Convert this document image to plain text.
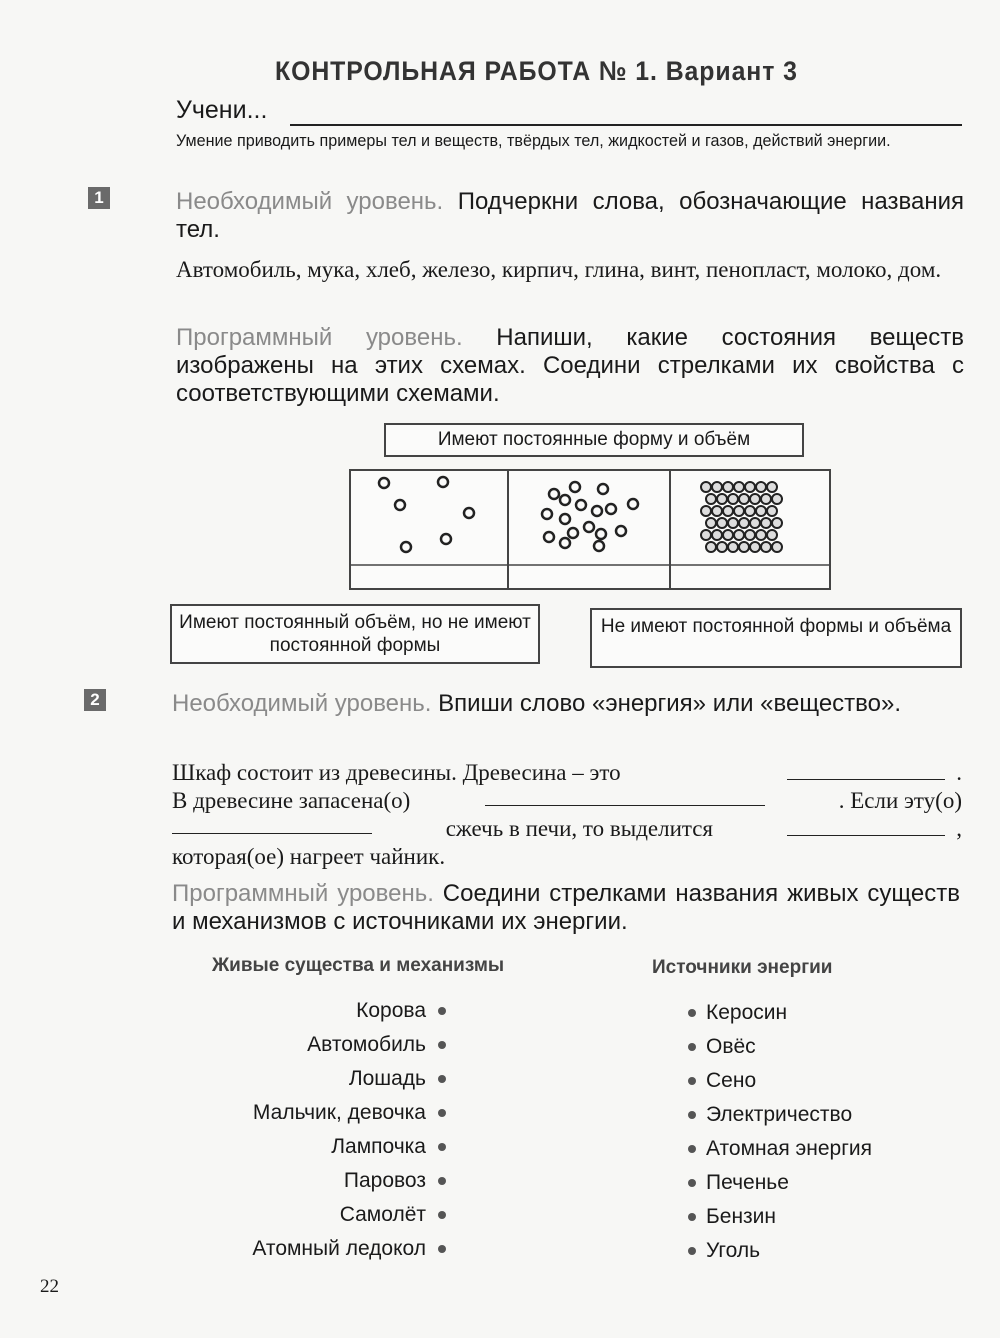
КОНТРОЛЬНАЯ РАБОТА № 1. Вариант 3
Учени...
Умение приводить примеры тел и веществ, твёрдых тел, жидкостей и газов, действий энергии.
1	Необходимый уровень. Подчеркни слова, обозначающие названия тел.
Автомобиль, мука, хлеб, железо, кирпич, глина, винт, пенопласт, молоко, дом.
Программный уровень. Напиши, какие состояния веществ изображены на этих схемах. Соедини стрелками их свойства с соответствующими схемами.
Имеют постоянные форму и объём
Имеют постоянный объём, но не имеют постоянной формы
Не имеют постоянной формы и объёма
2	Необходимый уровень. Впиши слово «энергия» или «вещество».
Шкаф состоит из древесины. Древесина – это	.
В древесине запасена(о)	. Если эту(о)
сжечь в печи, то выделится	,
которая(ое) нагреет чайник.
Программный уровень. Соедини стрелками названия живых существ и механизмов с источниками их энергии.
Живые существа и механизмы	Источники энергии
Корова
Автомобиль
Лошадь
Мальчик, девочка
Лампочка
Паровоз
Самолёт
Атомный ледокол
Керосин
Овёс
Сено
Электричество
Атомная энергия
Печенье
Бензин
Уголь
22
